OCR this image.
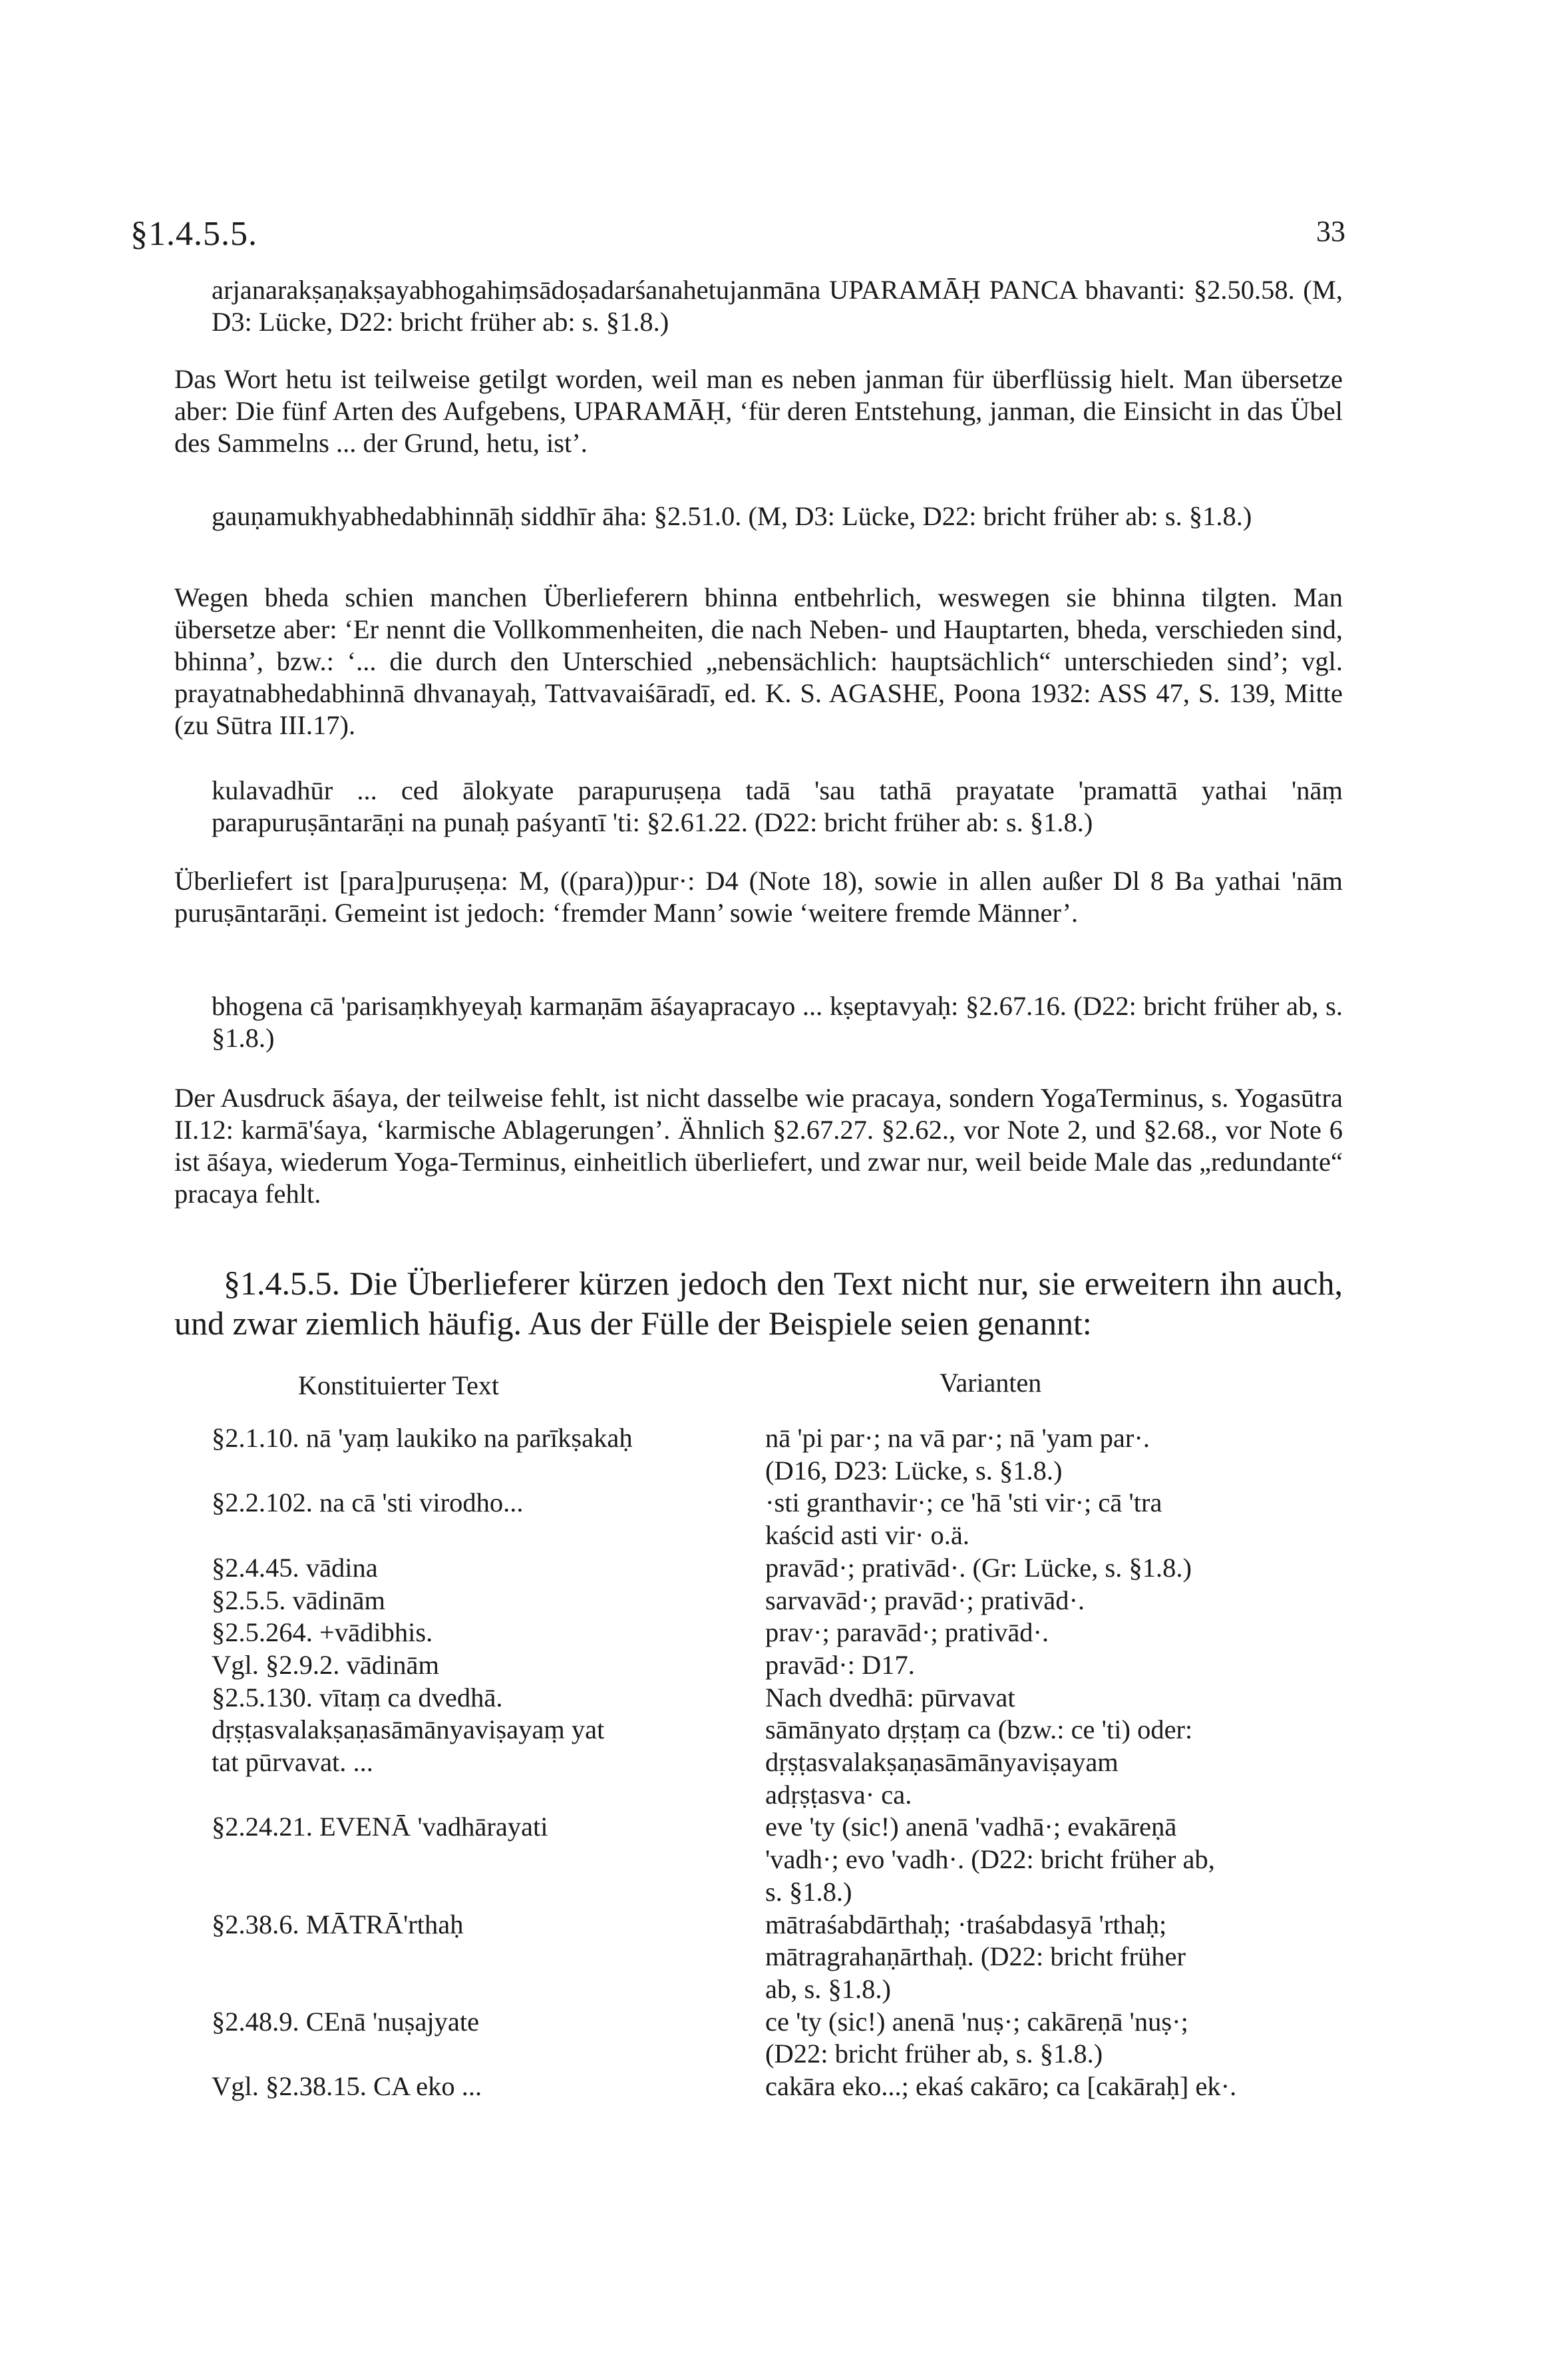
§1.4.5.5.	33
arjanarakṣaṇakṣayabhogahiṃsādoṣadarśanahetujanmāna UPARAMĀḤ PANCA bhavanti: §2.50.58. (M, D3: Lücke, D22: bricht früher ab: s. §1.8.)
Das Wort hetu ist teilweise getilgt worden, weil man es neben janman für überflüssig hielt. Man übersetze aber: Die fünf Arten des Aufgebens, UPARAMĀḤ, ‘für deren Entstehung, janman, die Einsicht in das Übel des Sammelns ... der Grund, hetu, ist’.
gauṇamukhyabhedabhinnāḥ siddhīr āha: §2.51.0. (M, D3: Lücke, D22: bricht früher ab: s. §1.8.)
Wegen bheda schien manchen Überlieferern bhinna entbehrlich, weswegen sie bhinna tilgten. Man übersetze aber: ‘Er nennt die Vollkommenheiten, die nach Neben- und Hauptarten, bheda, verschieden sind, bhinna’, bzw.: ‘... die durch den Unterschied „nebensächlich: hauptsächlich“ unterschieden sind’; vgl. prayatnabhedabhinnā dhvanayaḥ, Tattvavaiśāradī, ed. K. S. AGASHE, Poona 1932: ASS 47, S. 139, Mitte (zu Sūtra III.17).
kulavadhūr ... ced ālokyate parapuruṣeṇa tadā 'sau tathā prayatate 'pramattā yathai 'nāṃ parapuruṣāntarāṇi na punaḥ paśyantī 'ti: §2.61.22. (D22: bricht früher ab: s. §1.8.)
Überliefert ist [para]puruṣeṇa: M, ((para))pur·: D4 (Note 18), sowie in allen außer Dl 8 Ba yathai 'nām puruṣāntarāṇi. Gemeint ist jedoch: ‘fremder Mann’ sowie ‘weitere fremde Männer’.
bhogena cā 'parisaṃkhyeyaḥ karmaṇām āśayapracayo ... kṣeptavyaḥ: §2.67.16. (D22: bricht früher ab, s. §1.8.)
Der Ausdruck āśaya, der teilweise fehlt, ist nicht dasselbe wie pracaya, sondern YogaTerminus, s. Yogasūtra II.12: karmā'śaya, ‘karmische Ablagerungen’. Ähnlich §2.67.27. §2.62., vor Note 2, und §2.68., vor Note 6 ist āśaya, wiederum Yoga-Terminus, einheitlich überliefert, und zwar nur, weil beide Male das „redundante“ pracaya fehlt.
§1.4.5.5. Die Überlieferer kürzen jedoch den Text nicht nur, sie erweitern ihn auch, und zwar ziemlich häufig. Aus der Fülle der Beispiele seien genannt:
Konstituierter Text	Varianten
§2.1.10. nā 'yaṃ laukiko na parīkṣakaḥ

§2.2.102. na cā 'sti virodho...

§2.4.45. vādina
§2.5.5. vādinām
§2.5.264. +vādibhis.
Vgl. §2.9.2. vādinām
§2.5.130. vītaṃ ca dvedhā.
dṛṣṭasvalakṣaṇasāmānyaviṣayaṃ yat
tat pūrvavat. ...

§2.24.21. EVENĀ 'vadhārayati

§2.38.6. MĀTRĀ'rthaḥ

§2.48.9. CEnā 'nuṣajyate

Vgl. §2.38.15. CA eko ...
nā 'pi par·; na vā par·; nā 'yam par·.
(D16, D23: Lücke, s. §1.8.)
·sti granthavir·; ce 'hā 'sti vir·; cā 'tra
kaścid asti vir· o.ä.
pravād·; prativād·. (Gr: Lücke, s. §1.8.)
sarvavād·; pravād·; prativād·.
prav·; paravād·; prativād·.
pravād·: D17.
Nach dvedhā: pūrvavat
sāmānyato dṛṣṭaṃ ca (bzw.: ce 'ti) oder:
dṛṣṭasvalakṣaṇasāmānyaviṣayam
adṛṣṭasva· ca.
eve 'ty (sic!) anenā 'vadhā·; evakāreṇā
'vadh·; evo 'vadh·. (D22: bricht früher ab,
s. §1.8.)
mātraśabdārthaḥ; ·traśabdasyā 'rthaḥ;
mātragrahaṇārthaḥ. (D22: bricht früher
ab, s. §1.8.)
ce 'ty (sic!) anenā 'nuṣ·; cakāreṇā 'nuṣ·;
(D22: bricht früher ab, s. §1.8.)
cakāra eko...; ekaś cakāro; ca [cakāraḥ] ek·.
